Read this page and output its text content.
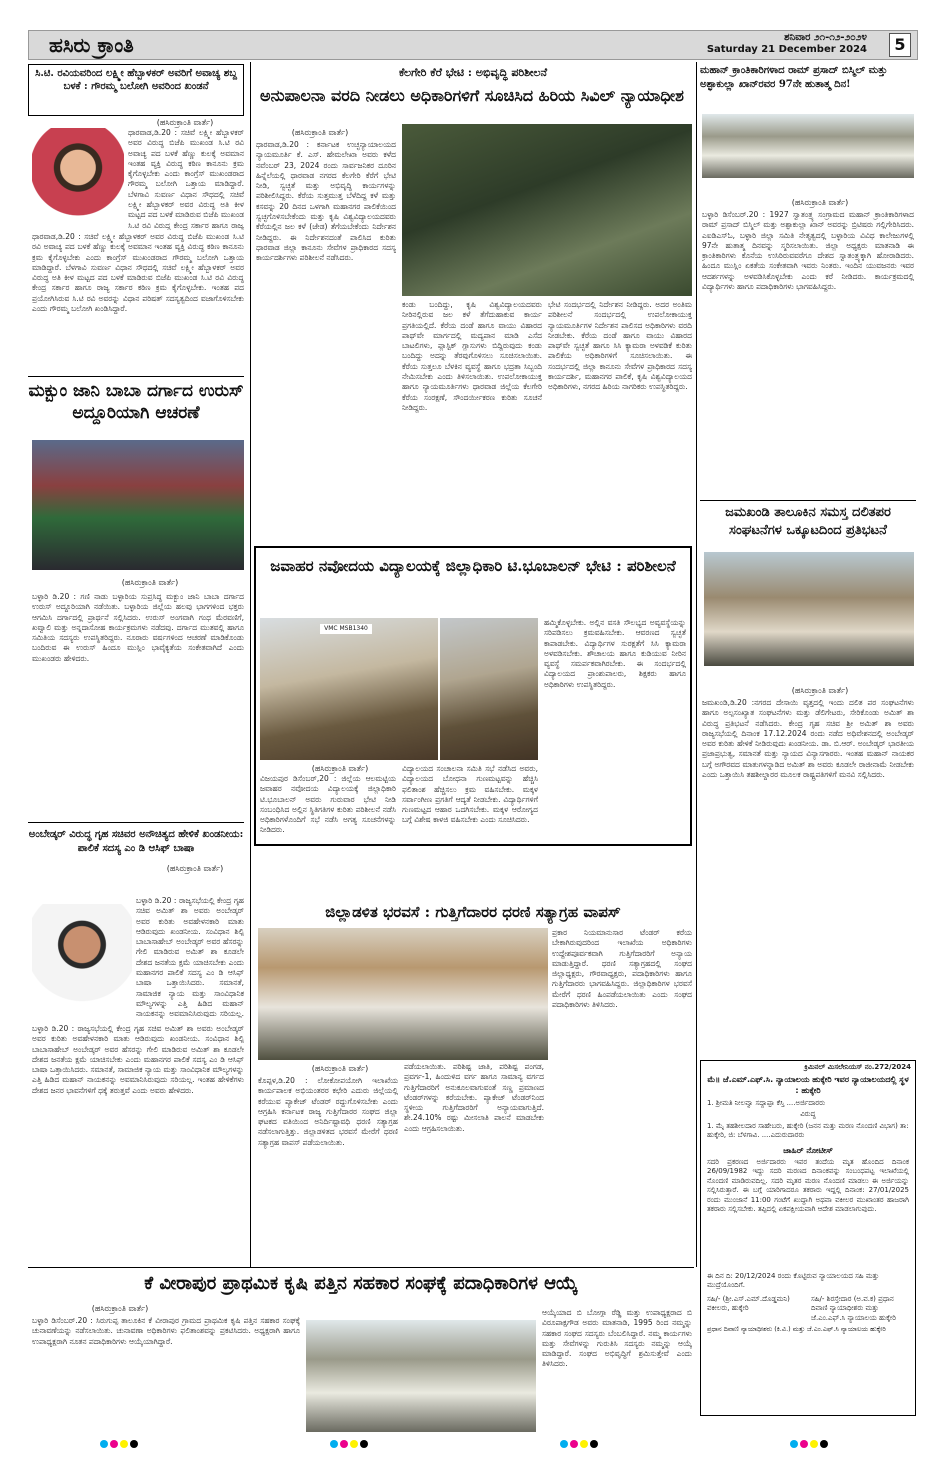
ಹಸಿರು ಕ್ರಾಂತಿ	ಶನಿವಾರ ೨೧-೧೨-೨೦೨೪
Saturday 21 December 2024	5
ಸಿ.ಟಿ. ರವಿಯವರಿಂದ ಲಕ್ಷ್ಮೀ ಹೆಬ್ಬಾಳಕರ್ ಅವರಿಗೆ ಅವಾಚ್ಯ ಶಬ್ದ ಬಳಕೆ : ಗೌರಮ್ಮ ಬಲೋಗಿ ಅವರಿಂದ ಖಂಡನೆ
(ಹಸಿರುಕ್ರಾಂತಿ ವಾರ್ತೆ)
ಧಾರವಾಡ,ಡಿ.20 : ಸಚಿವೆ ಲಕ್ಷ್ಮೀ ಹೆಬ್ಬಾಳಕರ್ ಅವರ ವಿರುದ್ಧ ಬಿಜೆಪಿ ಮುಖಂಡ ಸಿ.ಟಿ ರವಿ ಅವಾಚ್ಯ ಪದ ಬಳಕೆ ಹೆಣ್ಣು ಕುಲಕ್ಕೆ ಅವಮಾನ ಇಂತಹ ವ್ಯಕ್ತಿ ವಿರುದ್ಧ ಕಠಿಣ ಕಾನೂನು ಕ್ರಮ ಕೈಗೊಳ್ಳಬೇಕು ಎಂದು ಕಾಂಗ್ರೆಸ್ ಮುಖಂಡರಾದ ಗೌರಮ್ಮ ಬಲೋಗಿ ಒತ್ತಾಯ ಮಾಡಿದ್ದಾರೆ. ಬೆಳಗಾವಿ ಸುವರ್ಣ ವಿಧಾನ ಸೌಧದಲ್ಲಿ ಸಚಿವೆ ಲಕ್ಷ್ಮೀ ಹೆಬ್ಬಾಳಕರ್ ಅವರ ವಿರುದ್ಧ ಅತಿ ಕೀಳ ಮಟ್ಟದ ಪದ ಬಳಕೆ ಮಾಡಿರುವ ಬಿಜೆಪಿ ಮುಖಂಡ ಸಿ.ಟಿ ರವಿ ವಿರುದ್ಧ ಕೇಂದ್ರ ಸರ್ಕಾರ ಹಾಗೂ ರಾಜ್ಯ
ಧಾರವಾಡ,ಡಿ.20 : ಸಚಿವೆ ಲಕ್ಷ್ಮೀ ಹೆಬ್ಬಾಳಕರ್ ಅವರ ವಿರುದ್ಧ ಬಿಜೆಪಿ ಮುಖಂಡ ಸಿ.ಟಿ ರವಿ ಅವಾಚ್ಯ ಪದ ಬಳಕೆ ಹೆಣ್ಣು ಕುಲಕ್ಕೆ ಅವಮಾನ ಇಂತಹ ವ್ಯಕ್ತಿ ವಿರುದ್ಧ ಕಠಿಣ ಕಾನೂನು ಕ್ರಮ ಕೈಗೊಳ್ಳಬೇಕು ಎಂದು ಕಾಂಗ್ರೆಸ್ ಮುಖಂಡರಾದ ಗೌರಮ್ಮ ಬಲೋಗಿ ಒತ್ತಾಯ ಮಾಡಿದ್ದಾರೆ. ಬೆಳಗಾವಿ ಸುವರ್ಣ ವಿಧಾನ ಸೌಧದಲ್ಲಿ ಸಚಿವೆ ಲಕ್ಷ್ಮೀ ಹೆಬ್ಬಾಳಕರ್ ಅವರ ವಿರುದ್ಧ ಅತಿ ಕೀಳ ಮಟ್ಟದ ಪದ ಬಳಕೆ ಮಾಡಿರುವ ಬಿಜೆಪಿ ಮುಖಂಡ ಸಿ.ಟಿ ರವಿ ವಿರುದ್ಧ ಕೇಂದ್ರ ಸರ್ಕಾರ ಹಾಗೂ ರಾಜ್ಯ ಸರ್ಕಾರ ಕಠಿಣ ಕ್ರಮ ಕೈಗೊಳ್ಳಬೇಕು. ಇಂತಹ ಪದ ಪ್ರಯೋಗಿಸಿರುವ ಸಿ.ಟಿ ರವಿ ಅವರನ್ನು ವಿಧಾನ ಪರಿಷತ್ ಸದಸ್ಯತ್ವದಿಂದ ವಜಾಗೊಳಿಸಬೇಕು ಎಂದು ಗೌರಮ್ಮ ಬಲೋಗಿ ಖಂಡಿಸಿದ್ದಾರೆ.
ಮಕ್ಬುಂ ಜಾನಿ ಬಾಬಾ ದರ್ಗಾದ ಉರುಸ್ ಅದ್ದೂರಿಯಾಗಿ ಆಚರಣೆ
(ಹಸಿರುಕ್ರಾಂತಿ ವಾರ್ತೆ)
ಬಳ್ಳಾರಿ ಡಿ.20 : ಗಣಿ ನಾಡು ಬಳ್ಳಾರಿಯ ಸುಪ್ರಸಿದ್ಧ ಮಕ್ಬುಂ ಜಾನಿ ಬಾಬಾ ದರ್ಗಾದ ಉರುಸ್ ಅದ್ದೂರಿಯಾಗಿ ನಡೆಯಿತು. ಬಳ್ಳಾರಿಯ ಜಿಲ್ಲೆಯ ಹಲವು ಭಾಗಗಳಿಂದ ಭಕ್ತರು ಆಗಮಿಸಿ ದರ್ಗಾದಲ್ಲಿ ಪ್ರಾರ್ಥನೆ ಸಲ್ಲಿಸಿದರು. ಉರುಸ್ ಅಂಗವಾಗಿ ಗಂಧ ಮೆರವಣಿಗೆ, ಖವ್ವಾಲಿ ಮತ್ತು ಅನ್ನದಾಸೋಹ ಕಾರ್ಯಕ್ರಮಗಳು ನಡೆದವು. ದರ್ಗಾದ ಮುತವಲ್ಲಿ ಹಾಗೂ ಸಮಿತಿಯ ಸದಸ್ಯರು ಉಪಸ್ಥಿತರಿದ್ದರು. ನೂರಾರು ವರ್ಷಗಳಿಂದ ಆಚರಣೆ ಮಾಡಿಕೊಂಡು ಬಂದಿರುವ ಈ ಉರುಸ್ ಹಿಂದೂ ಮುಸ್ಲಿಂ ಭಾವೈಕ್ಯತೆಯ ಸಂಕೇತವಾಗಿದೆ ಎಂದು ಮುಖಂಡರು ಹೇಳಿದರು.
ಅಂಬೇಡ್ಕರ್ ವಿರುದ್ಧ ಗೃಹ ಸಚಿವರ ಅನೌಚಿತ್ಯದ ಹೇಳಿಕೆ ಖಂಡನೀಯ: ಪಾಲಿಕೆ ಸದಸ್ಯ ಎಂ ಡಿ ಆಸಿಫ್ ಬಾಷಾ
(ಹಸಿರುಕ್ರಾಂತಿ ವಾರ್ತೆ)
ಬಳ್ಳಾರಿ ಡಿ.20 : ರಾಜ್ಯಸಭೆಯಲ್ಲಿ ಕೇಂದ್ರ ಗೃಹ ಸಚಿವ ಅಮಿತ್ ಶಾ ಅವರು ಅಂಬೇಡ್ಕರ್ ಅವರ ಕುರಿತು ಅವಹೇಳನಕಾರಿ ಮಾತು ಆಡಿರುವುದು ಖಂಡನೀಯ. ಸಂವಿಧಾನ ಶಿಲ್ಪಿ ಬಾಬಾಸಾಹೇಬ್ ಅಂಬೇಡ್ಕರ್ ಅವರ ಹೆಸರನ್ನು ಗೇಲಿ ಮಾಡಿರುವ ಅಮಿತ್ ಶಾ ಕೂಡಲೇ ದೇಶದ ಜನತೆಯ ಕ್ಷಮೆ ಯಾಚಿಸಬೇಕು ಎಂದು ಮಹಾನಗರ ಪಾಲಿಕೆ ಸದಸ್ಯ ಎಂ ಡಿ ಆಸಿಫ್ ಬಾಷಾ ಒತ್ತಾಯಿಸಿದರು. ಸಮಾನತೆ, ಸಾಮಾಜಿಕ ನ್ಯಾಯ ಮತ್ತು ಸಾಂವಿಧಾನಿಕ ಮೌಲ್ಯಗಳನ್ನು ಎತ್ತಿ ಹಿಡಿದ ಮಹಾನ್ ನಾಯಕನನ್ನು ಅವಮಾನಿಸಿರುವುದು ಸರಿಯಲ್ಲ.
ಬಳ್ಳಾರಿ ಡಿ.20 : ರಾಜ್ಯಸಭೆಯಲ್ಲಿ ಕೇಂದ್ರ ಗೃಹ ಸಚಿವ ಅಮಿತ್ ಶಾ ಅವರು ಅಂಬೇಡ್ಕರ್ ಅವರ ಕುರಿತು ಅವಹೇಳನಕಾರಿ ಮಾತು ಆಡಿರುವುದು ಖಂಡನೀಯ. ಸಂವಿಧಾನ ಶಿಲ್ಪಿ ಬಾಬಾಸಾಹೇಬ್ ಅಂಬೇಡ್ಕರ್ ಅವರ ಹೆಸರನ್ನು ಗೇಲಿ ಮಾಡಿರುವ ಅಮಿತ್ ಶಾ ಕೂಡಲೇ ದೇಶದ ಜನತೆಯ ಕ್ಷಮೆ ಯಾಚಿಸಬೇಕು ಎಂದು ಮಹಾನಗರ ಪಾಲಿಕೆ ಸದಸ್ಯ ಎಂ ಡಿ ಆಸಿಫ್ ಬಾಷಾ ಒತ್ತಾಯಿಸಿದರು. ಸಮಾನತೆ, ಸಾಮಾಜಿಕ ನ್ಯಾಯ ಮತ್ತು ಸಾಂವಿಧಾನಿಕ ಮೌಲ್ಯಗಳನ್ನು ಎತ್ತಿ ಹಿಡಿದ ಮಹಾನ್ ನಾಯಕನನ್ನು ಅವಮಾನಿಸಿರುವುದು ಸರಿಯಲ್ಲ. ಇಂತಹ ಹೇಳಿಕೆಗಳು ದೇಶದ ಜನರ ಭಾವನೆಗಳಿಗೆ ಧಕ್ಕೆ ತರುತ್ತವೆ ಎಂದು ಅವರು ಹೇಳಿದರು.
ಕೆಲಗೇರಿ ಕೆರೆ ಭೇಟಿ : ಅಭಿವೃದ್ಧಿ ಪರಿಶೀಲನೆ
ಅನುಪಾಲನಾ ವರದಿ ನೀಡಲು ಅಧಿಕಾರಿಗಳಿಗೆ ಸೂಚಿಸಿದ ಹಿರಿಯ ಸಿವಿಲ್ ನ್ಯಾಯಾಧೀಶ
(ಹಸಿರುಕ್ರಾಂತಿ ವಾರ್ತೆ)
ಧಾರವಾಡ,ಡಿ.20 : ಕರ್ನಾಟಕ ಉಚ್ಛನ್ಯಾಯಾಲಯದ ನ್ಯಾಯಮೂರ್ತಿ ಕೆ. ಎಸ್. ಹೇಮಲೇಖಾ ಅವರು ಕಳೆದ ನವೆಂಬರ್ 23, 2024 ರಂದು ಸಾರ್ವಜನಿಕರ ದೂರಿನ ಹಿನ್ನೆಲೆಯಲ್ಲಿ ಧಾರವಾಡ ನಗರದ ಕೆಲಗೇರಿ ಕೆರೆಗೆ ಭೇಟಿ ನೀಡಿ, ಸ್ವಚ್ಛತೆ ಮತ್ತು ಅಭಿವೃದ್ಧಿ ಕಾರ್ಯಗಳನ್ನು ಪರಿಶೀಲಿಸಿದ್ದರು. ಕೆರೆಯ ಸುತ್ತಮುತ್ತ ಬೆಳೆದಿದ್ದ ಕಳೆ ಮತ್ತು ಕಸವನ್ನು 20 ದಿನದ ಒಳಗಾಗಿ ಮಹಾನಗರ ಪಾಲಿಕೆಯಿಂದ ಸ್ವಚ್ಛಗೊಳಿಸಬೇಕೆಂದು ಮತ್ತು ಕೃಷಿ ವಿಶ್ವವಿದ್ಯಾಲಯದವರು ಕೆರೆಯಲ್ಲಿನ ಜಲ ಕಳೆ (ಜೇಡ) ತೆಗೆಯಬೇಕೆಂದು ನಿರ್ದೇಶನ ನೀಡಿದ್ದರು. ಈ ನಿರ್ದೇಶನದಂತೆ ಪಾಲಿಸಿದ ಕುರಿತು ಧಾರವಾಡ ಜಿಲ್ಲಾ ಕಾನೂನು ಸೇವೆಗಳ ಪ್ರಾಧಿಕಾರದ ಸದಸ್ಯ ಕಾರ್ಯದರ್ಶಿಗಳು ಪರಿಶೀಲನೆ ನಡೆಸಿದರು.
ಕಂಡು ಬಂದಿದ್ದು, ಕೃಷಿ ವಿಶ್ವವಿದ್ಯಾಲಯದವರು ನೀರಿನಲ್ಲಿರುವ ಜಲ ಕಳೆ ತೆಗೆದುಹಾಕುವ ಕಾರ್ಯ ಪ್ರಗತಿಯಲ್ಲಿದೆ. ಕೆರೆಯ ದಂಡೆ ಹಾಗೂ ವಾಯು ವಿಹಾರದ ಪಾಥ್‌ವೇ ಮಾರ್ಗದಲ್ಲಿ ಮದ್ಯಪಾನ ಮಾಡಿ ಎಸೆದ ಬಾಟಲಿಗಳು, ಪ್ಲಾಸ್ಟಿಕ್ ಗ್ಲಾಸುಗಳು ಬಿದ್ದಿರುವುದು ಕಂಡು ಬಂದಿದ್ದು ಅದನ್ನು ತೆರವುಗೊಳಿಸಲು ಸೂಚಿಸಲಾಯಿತು. ಕೆರೆಯ ಸುತ್ತಲೂ ಬೆಳಕಿನ ವ್ಯವಸ್ಥೆ ಹಾಗೂ ಭದ್ರತಾ ಸಿಬ್ಬಂದಿ ನೇಮಿಸಬೇಕು ಎಂದು ತಿಳಿಸಲಾಯಿತು. ಉಪಲೋಕಾಯುಕ್ತ ಹಾಗೂ ನ್ಯಾಯಮೂರ್ತಿಗಳು ಧಾರವಾಡ ಜಿಲ್ಲೆಯ ಕೆಲಗೇರಿ ಕೆರೆಯ ಸಂರಕ್ಷಣೆ, ಸೌಂದರ್ಯೀಕರಣ ಕುರಿತು ಸೂಚನೆ ನೀಡಿದ್ದರು.
ಭೇಟಿ ಸಂದರ್ಭದಲ್ಲಿ ನಿರ್ದೇಶನ ನೀಡಿದ್ದರು. ಅದರ ಅಂತಿಮ ಪರಿಶೀಲನೆ ಸಂದರ್ಭದಲ್ಲಿ ಉಪಲೋಕಾಯುಕ್ತ ನ್ಯಾಯಮೂರ್ತಿಗಳ ನಿರ್ದೇಶನ ಪಾಲಿಸದ ಅಧಿಕಾರಿಗಳು ವರದಿ ನೀಡಬೇಕು. ಕೆರೆಯ ದಂಡೆ ಹಾಗೂ ವಾಯು ವಿಹಾರದ ಪಾಥ್‌ವೇ ಸ್ವಚ್ಛತೆ ಹಾಗೂ ಸಿಸಿ ಕ್ಯಾಮರಾ ಅಳವಡಿಕೆ ಕುರಿತು ಪಾಲಿಕೆಯ ಅಧಿಕಾರಿಗಳಿಗೆ ಸೂಚಿಸಲಾಯಿತು. ಈ ಸಂದರ್ಭದಲ್ಲಿ ಜಿಲ್ಲಾ ಕಾನೂನು ಸೇವೆಗಳ ಪ್ರಾಧಿಕಾರದ ಸದಸ್ಯ ಕಾರ್ಯದರ್ಶಿ, ಮಹಾನಗರ ಪಾಲಿಕೆ, ಕೃಷಿ ವಿಶ್ವವಿದ್ಯಾಲಯದ ಅಧಿಕಾರಿಗಳು, ನಗರದ ಹಿರಿಯ ನಾಗರಿಕರು ಉಪಸ್ಥಿತರಿದ್ದರು.
ಜವಾಹರ ನವೋದಯ ವಿದ್ಯಾಲಯಕ್ಕೆ ಜಿಲ್ಲಾಧಿಕಾರಿ ಟಿ.ಭೂಬಾಲನ್ ಭೇಟಿ : ಪರಿಶೀಲನೆ
VMC MSB1340
(ಹಸಿರುಕ್ರಾಂತಿ ವಾರ್ತೆ)
ವಿಜಯಪುರ ಡಿಸೆಂಬರ್,20 : ಜಿಲ್ಲೆಯ ಆಲಮಟ್ಟಿಯ ಜವಾಹರ ನವೋದಯ ವಿದ್ಯಾಲಯಕ್ಕೆ ಜಿಲ್ಲಾಧಿಕಾರಿ ಟಿ.ಭೂಬಾಲನ್ ಅವರು ಗುರುವಾರ ಭೇಟಿ ನೀಡಿ ಸಂಬಂಧಿಸಿದ ಅಲ್ಲಿನ ಸ್ಥಿತಿಗತಿಗಳ ಕುರಿತು ಪರಿಶೀಲನೆ ನಡೆಸಿ ಅಧಿಕಾರಿಗಳೊಂದಿಗೆ ಸಭೆ ನಡೆಸಿ ಅಗತ್ಯ ಸೂಚನೆಗಳನ್ನು ನೀಡಿದರು.
ವಿದ್ಯಾಲಯದ ಸಂಚಾಲನಾ ಸಮಿತಿ ಸಭೆ ನಡೆಸಿದ ಅವರು, ವಿದ್ಯಾಲಯದ ಬೋಧನಾ ಗುಣಮಟ್ಟವನ್ನು ಹೆಚ್ಚಿಸಿ ಫಲಿತಾಂಶ ಹೆಚ್ಚಿಸಲು ಕ್ರಮ ವಹಿಸಬೇಕು. ಮಕ್ಕಳ ಸರ್ವಾಂಗೀಣ ಪ್ರಗತಿಗೆ ಆದ್ಯತೆ ನೀಡಬೇಕು. ವಿದ್ಯಾರ್ಥಿಗಳಿಗೆ ಗುಣಮಟ್ಟದ ಆಹಾರ ಒದಗಿಸಬೇಕು. ಮಕ್ಕಳ ಆರೋಗ್ಯದ ಬಗ್ಗೆ ವಿಶೇಷ ಕಾಳಜಿ ವಹಿಸಬೇಕು ಎಂದು ಸೂಚಿಸಿದರು.
ಹಮ್ಮಿಕೊಳ್ಳಬೇಕು. ಅಲ್ಲಿನ ವಸತಿ ಸೌಲಭ್ಯದ ಅವ್ಯವಸ್ಥೆಯನ್ನು ಸರಿಪಡಿಸಲು ಕ್ರಮವಹಿಸಬೇಕು. ಆವರಣದ ಸ್ವಚ್ಛತೆ ಕಾಪಾಡಬೇಕು. ವಿದ್ಯಾರ್ಥಿಗಳ ಸುರಕ್ಷತೆಗೆ ಸಿಸಿ ಕ್ಯಾಮರಾ ಅಳವಡಿಸಬೇಕು. ಶೌಚಾಲಯ ಹಾಗೂ ಕುಡಿಯುವ ನೀರಿನ ವ್ಯವಸ್ಥೆ ಸಮರ್ಪಕವಾಗಿರಬೇಕು. ಈ ಸಂದರ್ಭದಲ್ಲಿ ವಿದ್ಯಾಲಯದ ಪ್ರಾಂಶುಪಾಲರು, ಶಿಕ್ಷಕರು ಹಾಗೂ ಅಧಿಕಾರಿಗಳು ಉಪಸ್ಥಿತರಿದ್ದರು.
ಜಿಲ್ಲಾಡಳಿತ ಭರವಸೆ : ಗುತ್ತಿಗೆದಾರರ ಧರಣಿ ಸತ್ಯಾಗ್ರಹ ವಾಪಸ್
(ಹಸಿರುಕ್ರಾಂತಿ ವಾರ್ತೆ)
ಕೊಪ್ಪಳ,ಡಿ.20 : ಲೋಕೋಪಯೋಗಿ ಇಲಾಖೆಯ ಕಾರ್ಯಪಾಲಕ ಅಭಿಯಂತರರ ಕಛೇರಿ ಎದುರು ಜಿಲ್ಲೆಯಲ್ಲಿ ಕರೆಯುವ ಪ್ಯಾಕೇಜ್ ಟೆಂಡರ್ ರದ್ದುಗೊಳಿಸಬೇಕು ಎಂದು ಆಗ್ರಹಿಸಿ ಕರ್ನಾಟಕ ರಾಜ್ಯ ಗುತ್ತಿಗೆದಾರರ ಸಂಘದ ಜಿಲ್ಲಾ ಘಟಕದ ವತಿಯಿಂದ ಅನಿರ್ದಿಷ್ಟಾವಧಿ ಧರಣಿ ಸತ್ಯಾಗ್ರಹ ನಡೆಸಲಾಗುತ್ತಿತ್ತು. ಜಿಲ್ಲಾಡಳಿತದ ಭರವಸೆ ಮೇರೆಗೆ ಧರಣಿ ಸತ್ಯಾಗ್ರಹ ವಾಪಸ್ ಪಡೆಯಲಾಯಿತು.
ಪಡೆಯಲಾಯಿತು. ಪರಿಶಿಷ್ಟ ಜಾತಿ, ಪರಿಶಿಷ್ಟ ಪಂಗಡ, ಪ್ರವರ್ಗ-1, ಹಿಂದುಳಿದ ವರ್ಗ ಹಾಗೂ ಸಾಮಾನ್ಯ ವರ್ಗದ ಗುತ್ತಿಗೆದಾರರಿಗೆ ಅನುಕೂಲವಾಗುವಂತೆ ಸಣ್ಣ ಪ್ರಮಾಣದ ಟೆಂಡರ್‌ಗಳನ್ನು ಕರೆಯಬೇಕು. ಪ್ಯಾಕೇಜ್ ಟೆಂಡರ್‌ನಿಂದ ಸ್ಥಳೀಯ ಗುತ್ತಿಗೆದಾರರಿಗೆ ಅನ್ಯಾಯವಾಗುತ್ತಿದೆ. ಶೇ.24.10% ರಷ್ಟು ಮೀಸಲಾತಿ ಪಾಲನೆ ಮಾಡಬೇಕು ಎಂದು ಆಗ್ರಹಿಸಲಾಯಿತು.
ಪ್ರಕಾರ ನಿಯಮಾನುಸಾರ ಟೆಂಡರ್ ಕರೆಯ ಬೇಕಾಗಿರುವುದರಿಂದ ಇಲಾಖೆಯ ಅಧಿಕಾರಿಗಳು ಉದ್ದೇಶಪೂರ್ವಕವಾಗಿ ಗುತ್ತಿಗೆದಾರರಿಗೆ ಅನ್ಯಾಯ ಮಾಡುತ್ತಿದ್ದಾರೆ. ಧರಣಿ ಸತ್ಯಾಗ್ರಹದಲ್ಲಿ ಸಂಘದ ಜಿಲ್ಲಾಧ್ಯಕ್ಷರು, ಗೌರವಾಧ್ಯಕ್ಷರು, ಪದಾಧಿಕಾರಿಗಳು ಹಾಗೂ ಗುತ್ತಿಗೆದಾರರು ಭಾಗವಹಿಸಿದ್ದರು. ಜಿಲ್ಲಾಧಿಕಾರಿಗಳ ಭರವಸೆ ಮೇರೆಗೆ ಧರಣಿ ಹಿಂಪಡೆಯಲಾಯಿತು ಎಂದು ಸಂಘದ ಪದಾಧಿಕಾರಿಗಳು ತಿಳಿಸಿದರು.
ಮಹಾನ್ ಕ್ರಾಂತಿಕಾರಿಗಳಾದ ರಾಮ್ ಪ್ರಸಾದ್ ಬಿಸ್ಮಿಲ್ ಮತ್ತು ಅಶ್ಫಾಕುಲ್ಲಾ ಖಾನ್‌ರವರ 97ನೇ ಹುತಾತ್ಮ ದಿನ!
(ಹಸಿರುಕ್ರಾಂತಿ ವಾರ್ತೆ)
ಬಳ್ಳಾರಿ ಡಿಸೆಂಬರ್.20 : 1927 ಸ್ವಾತಂತ್ರ್ಯ ಸಂಗ್ರಾಮದ ಮಹಾನ್ ಕ್ರಾಂತಿಕಾರಿಗಳಾದ ರಾಮ್ ಪ್ರಸಾದ್ ಬಿಸ್ಮಿಲ್ ಮತ್ತು ಅಶ್ಫಾಕುಲ್ಲಾ ಖಾನ್ ಅವರನ್ನು ಬ್ರಿಟಿಷರು ಗಲ್ಲಿಗೇರಿಸಿದರು. ಎಐಡಿಎಸ್‌ಓ, ಬಳ್ಳಾರಿ ಜಿಲ್ಲಾ ಸಮಿತಿ ನೇತೃತ್ವದಲ್ಲಿ ಬಳ್ಳಾರಿಯ ವಿವಿಧ ಕಾಲೇಜುಗಳಲ್ಲಿ 97ನೇ ಹುತಾತ್ಮ ದಿನವನ್ನು ಸ್ಮರಿಸಲಾಯಿತು. ಜಿಲ್ಲಾ ಅಧ್ಯಕ್ಷರು ಮಾತನಾಡಿ ಈ ಕ್ರಾಂತಿಕಾರಿಗಳು ಕೊನೆಯ ಉಸಿರಿರುವವರೆಗೂ ದೇಶದ ಸ್ವಾತಂತ್ರ್ಯಕ್ಕಾಗಿ ಹೋರಾಡಿದರು. ಹಿಂದೂ ಮುಸ್ಲಿಂ ಏಕತೆಯ ಸಂಕೇತವಾಗಿ ಇವರು ನಿಂತರು. ಇಂದಿನ ಯುವಜನರು ಇವರ ಆದರ್ಶಗಳನ್ನು ಅಳವಡಿಸಿಕೊಳ್ಳಬೇಕು ಎಂದು ಕರೆ ನೀಡಿದರು. ಕಾರ್ಯಕ್ರಮದಲ್ಲಿ ವಿದ್ಯಾರ್ಥಿಗಳು ಹಾಗೂ ಪದಾಧಿಕಾರಿಗಳು ಭಾಗವಹಿಸಿದ್ದರು.
ಜಮಖಂಡಿ ತಾಲೂಕಿನ ಸಮಸ್ತ ದಲಿತಪರ ಸಂಘಟನೆಗಳ ಒಕ್ಕೂಟದಿಂದ ಪ್ರತಿಭಟನೆ
(ಹಸಿರುಕ್ರಾಂತಿ ವಾರ್ತೆ)
ಜಮಖಂಡಿ,ಡಿ.20 :ನಗರದ ದೇಸಾಯಿ ವೃತ್ತದಲ್ಲಿ ಇಂದು ದಲಿತ ಪರ ಸಂಘಟನೆಗಳು ಹಾಗೂ ಅಲ್ಪಸಂಖ್ಯಾತ ಸಂಘಟನೆಗಳು ಮತ್ತು ಡೆಲಿಗೇಟರು, ಸೇರಿಕೊಂಡು ಅಮಿತ್ ಶಾ ವಿರುದ್ಧ ಪ್ರತಿಭಟನೆ ನಡೆಸಿದರು. ಕೇಂದ್ರ ಗೃಹ ಸಚಿವ ಶ್ರೀ ಅಮಿತ್ ಶಾ ಅವರು ರಾಜ್ಯಸಭೆಯಲ್ಲಿ ದಿನಾಂಕ 17.12.2024 ರಂದು ನಡೆದ ಅಧಿವೇಶನದಲ್ಲಿ ಅಂಬೇಡ್ಕರ್ ಅವರ ಕುರಿತು ಹೇಳಿಕೆ ನೀಡಿರುವುದು ಖಂಡನೀಯ. ಡಾ. ಬಿ.ಆರ್. ಅಂಬೇಡ್ಕರ್ ಭಾರತೀಯ ಪ್ರಜಾಪ್ರಭುತ್ವ, ಸಮಾನತೆ ಮತ್ತು ನ್ಯಾಯದ ವಿನ್ಯಾಸಗಾರರು. ಇಂತಹ ಮಹಾನ್ ನಾಯಕರ ಬಗ್ಗೆ ಅಗೌರವದ ಮಾತುಗಳನ್ನಾಡಿದ ಅಮಿತ್ ಶಾ ಅವರು ಕೂಡಲೇ ರಾಜೀನಾಮೆ ನೀಡಬೇಕು ಎಂದು ಒತ್ತಾಯಿಸಿ ತಹಶೀಲ್ದಾರರ ಮೂಲಕ ರಾಷ್ಟ್ರಪತಿಗಳಿಗೆ ಮನವಿ ಸಲ್ಲಿಸಿದರು.
ಕ್ರಿಮಿನಲ್ ಮಿಸಲೇನಿಯಸ್ ನಂ.272/2024
ಮೆ॥ ಜೆ.ಎಮ್.ಎಫ್.ಸಿ. ನ್ಯಾಯಾಲಯ ಹುಕ್ಕೇರಿ ಇವರ ನ್ಯಾಯಾಲಯದಲ್ಲಿ ಸ್ಥಳ : ಹುಕ್ಕೇರಿ
1. ಶ್ರೀಮತಿ ನೀಲವ್ವಾ ಸದ್ದಾಪ್ಪಾ ಕೆಸ್ತಿ ....ಅರ್ಜಿದಾರರು
ವಿರುದ್ಧ
1. ಮೈ ತಹಶೀಲದಾರ ಸಾಹೇಬರು, ಹುಕ್ಕೇರಿ (ಜನನ ಮತ್ತು ಮರಣ ನೊಂದಣಿ ವಿಭಾಗ) ತಾ: ಹುಕ್ಕೇರಿ, ಜಿ: ಬೆಳಗಾವಿ. ....ಎದುರುದಾರರು
ಜಾಹಿರ್ ನೋಟೀಸ್
ಸದರಿ ಪ್ರಕರಣದ ಅರ್ಜಿದಾರರು ಇವರ ತಂದೆಯ ಮೃತ ಹೊಂದಿದ ದಿನಾಂಕ 26/09/1982 ಇದ್ದು ಸದರಿ ಮರಣದ ದಿನಾಂಕವನ್ನು ಸಂಬಂಧಪಟ್ಟ ಇಲಾಖೆಯಲ್ಲಿ ನೊಂದಣಿ ಮಾಡಿರುವದಿಲ್ಲ. ಸದರಿ ಮೃತರ ಮರಣ ನೊಂದಣಿ ಮಾಡಲು ಈ ಅರ್ಜಿಯನ್ನು ಸಲ್ಲಿಸಿರುತ್ತಾರೆ. ಈ ಬಗ್ಗೆ ಯಾರಿಗಾದರೂ ತಕರಾರು ಇದ್ದಲ್ಲಿ ದಿನಾಂಕ: 27/01/2025 ರಂದು ಮುಂಜಾನೆ 11:00 ಗಂಟೆಗೆ ಖುದ್ದಾಗಿ ಅಥವಾ ವಕೀಲರ ಮುಖಾಂತರ ಹಾಜರಾಗಿ ತಕರಾರು ಸಲ್ಲಿಸಬೇಕು. ತಪ್ಪಿದಲ್ಲಿ ಏಕಪಕ್ಷೀಯವಾಗಿ ಆದೇಶ ಮಾಡಲಾಗುವುದು.
ಈ ದಿನ ದಿ: 20/12/2024 ರಂದು ಕೊಟ್ಟಿರುವ ನ್ಯಾಯಾಲಯದ ಸಹಿ ಮತ್ತು ಮುದ್ರೆಯೊಂದಿಗೆ.
ಸಹಿ/- (ಶ್ರೀ.ಎಸ್.ಎಮ್.ದೊಡ್ಡಮನಿ) ವಕೀಲರು, ಹುಕ್ಕೇರಿ
ಸಹಿ/- ಶಿರಸ್ತೇದಾರ (ಅ.ವ.ಕ) ಪ್ರಧಾನ ದಿವಾಣಿ ನ್ಯಾಯಾಧೀಶರು ಮತ್ತು ಜೆ.ಎಂ.ಎಫ್.ಸಿ ನ್ಯಾಯಾಲಯ ಹುಕ್ಕೇರಿ
ಪ್ರಧಾನ ದಿವಾಣಿ ನ್ಯಾಯಾಧೀಶರು (ಕಿ.ವಿ.) ಮತ್ತು ಜೆ.ಎಂ.ಎಫ್.ಸಿ ನ್ಯಾಯಾಲಯ ಹುಕ್ಕೇರಿ
ಕೆ ವೀರಾಪುರ ಪ್ರಾಥಮಿಕ ಕೃಷಿ ಪತ್ತಿನ ಸಹಕಾರ ಸಂಘಕ್ಕೆ ಪದಾಧಿಕಾರಿಗಳ ಆಯ್ಕೆ
(ಹಸಿರುಕ್ರಾಂತಿ ವಾರ್ತೆ)
ಬಳ್ಳಾರಿ ಡಿಸೆಂಬರ್.20 : ಸಿರುಗುಪ್ಪ ತಾಲೂಕಿನ ಕೆ ವೀರಾಪುರ ಗ್ರಾಮದ ಪ್ರಾಥಮಿಕ ಕೃಷಿ ಪತ್ತಿನ ಸಹಕಾರ ಸಂಘಕ್ಕೆ ಚುನಾವಣೆಯನ್ನು ನಡೆಸಲಾಯಿತು. ಚುನಾವಣಾ ಅಧಿಕಾರಿಗಳು ಫಲಿತಾಂಶವನ್ನು ಪ್ರಕಟಿಸಿದರು. ಅಧ್ಯಕ್ಷರಾಗಿ ಹಾಗೂ ಉಪಾಧ್ಯಕ್ಷರಾಗಿ ನೂತನ ಪದಾಧಿಕಾರಿಗಳು ಆಯ್ಕೆಯಾಗಿದ್ದಾರೆ.
ಆಯ್ಕೆಯಾದ ಬಿ ಬೋಗ್ಗಾ ರೆಡ್ಡಿ ಮತ್ತು ಉಪಾಧ್ಯಕ್ಷರಾದ ಬಿ ವಿರೂಪಾಕ್ಷಗೌಡ ಅವರು ಮಾತನಾಡಿ, 1995 ರಿಂದ ನಮ್ಮನ್ನು ಸಹಕಾರ ಸಂಘದ ಸದಸ್ಯರು ಬೆಂಬಲಿಸಿದ್ದಾರೆ. ನಮ್ಮ ಕಾರ್ಯಗಳು ಮತ್ತು ಸೇವೆಗಳನ್ನು ಗುರುತಿಸಿ ಸದಸ್ಯರು ನಮ್ಮನ್ನು ಆಯ್ಕೆ ಮಾಡಿದ್ದಾರೆ. ಸಂಘದ ಅಭಿವೃದ್ಧಿಗೆ ಶ್ರಮಿಸುತ್ತೇವೆ ಎಂದು ತಿಳಿಸಿದರು.
